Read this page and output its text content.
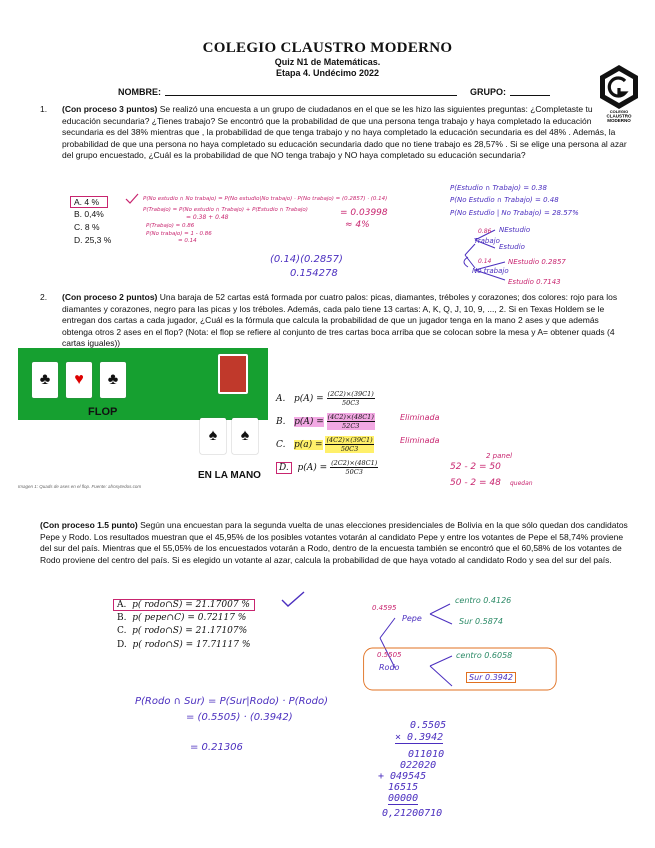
COLEGIO CLAUSTRO MODERNO
Quiz N1 de Matemáticas.
Etapa 4. Undécimo 2022
NOMBRE:	GRUPO:
COLEGIO
CLAUSTRO
MODERNO
1. (Con proceso 3 puntos) Se realizó una encuesta a un grupo de ciudadanos en el que se les hizo las siguientes preguntas: ¿Completaste tu educación secundaria? ¿Tienes trabajo? Se encontró que la probabilidad de que una persona tenga trabajo y haya completado la educación secundaria es del 38% mientras que , la probabilidad de que tenga trabajo y no haya completado la educación secundaria es del 48% . Además, la probabilidad de que una persona no haya completado su educación secundaria dado que no tiene trabajo es 28,57% . Si se elige una persona al azar del grupo encuestado, ¿Cuál es la probabilidad de que NO tenga trabajo y NO haya completado su educación secundaria?
A. 4 %
B. 0,4%
C. 8 %
D. 25,3 %
P(No estudio ∩ No trabajo) = P(No estudio|No trabajo) · P(No trabajo) = (0.2857) · (0.14)
P(Trabajo) = P(No estudio ∩ Trabajo) + P(Estudio ∩ Trabajo)
= 0.38 + 0.48
P(Trabajo) = 0.86
P(No trabajo) = 1 - 0.86
= 0.14
= 0.03998
≈ 4%
(0.14)(0.2857)
0.154278
P(Estudio ∩ Trabajo) = 0.38
P(No Estudio ∩ Trabajo) = 0.48
P(No Estudio | No Trabajo) = 28.57%
0.86
Trabajo
0.14
No trabajo
NEstudio
Estudio
NEstudio 0.2857
Estudio 0.7143
2. (Con proceso 2 puntos) Una baraja de 52 cartas está formada por cuatro palos: picas, diamantes, tréboles y corazones; dos colores: rojo para los diamantes y corazones, negro para las picas y los tréboles. Además, cada palo tiene 13 cartas: A, K, Q, J, 10, 9, ..., 2. Si en Texas Holdem se le entregan dos cartas a cada jugador, ¿Cuál es la fórmula que calcula la probabilidad de que un jugador tenga en la mano 2 ases y que además obtenga otros 2 ases en el flop? (Nota: el flop se refiere al conjunto de tres cartas boca arriba que se colocan sobre la mesa y A= obtener quads (4 cartas iguales))
♣	♥	♣
FLOP
♠	♠
EN LA MANO
Imagen 1: Quads de ases en el flop. Fuente: afrosytedos.com
A. $p(A) = \frac{(2C2)\times(39C1)}{50C3}$
B. $p(A) = \frac{(4C2)\times(48C1)}{52C3}$
C. $p(a) = \frac{(4C2)\times(39C1)}{50C3}$
D. $p(A) = \frac{(2C2)\times(48C1)}{50C3}$
Eliminada
Eliminada
2 panel
52 - 2 = 50
50 - 2 = 48 quedan
(Con proceso 1.5 punto) Según una encuestan para la segunda vuelta de unas elecciones presidenciales de Bolivia en la que sólo quedan dos candidatos Pepe y Rodo. Los resultados muestran que el 45,95% de los posibles votantes votarán al candidato Pepe y entre los votantes de Pepe el 58,74% proviene del sur del país. Mientras que el 55,05% de los encuestados votarán a Rodo, dentro de la encuesta también se encontró que el 60,58% de los votantes de Rodo proviene del centro del país. Si es elegido un votante al azar, calcula la probabilidad de que haya votado al candidato Rodo y sea del sur del país.
A. p( rodo∩S) = 21.17007 %
B. p( pepe∩C) = 0.72117 %
C. p( rodo∩S) = 21.17107%
D. p( rodo∩S) = 17.71117 %
0.4595
Pepe
0.5505
Rodo
centro 0.4126
Sur 0.5874
centro 0.6058
Sur 0.3942
P(Rodo ∩ Sur) = P(Sur|Rodo) · P(Rodo)
= (0.5505) · (0.3942)
= 0.21306
0.5505
× 0.3942
011010
022020
+ 049545
16515
00000
0,21200710
